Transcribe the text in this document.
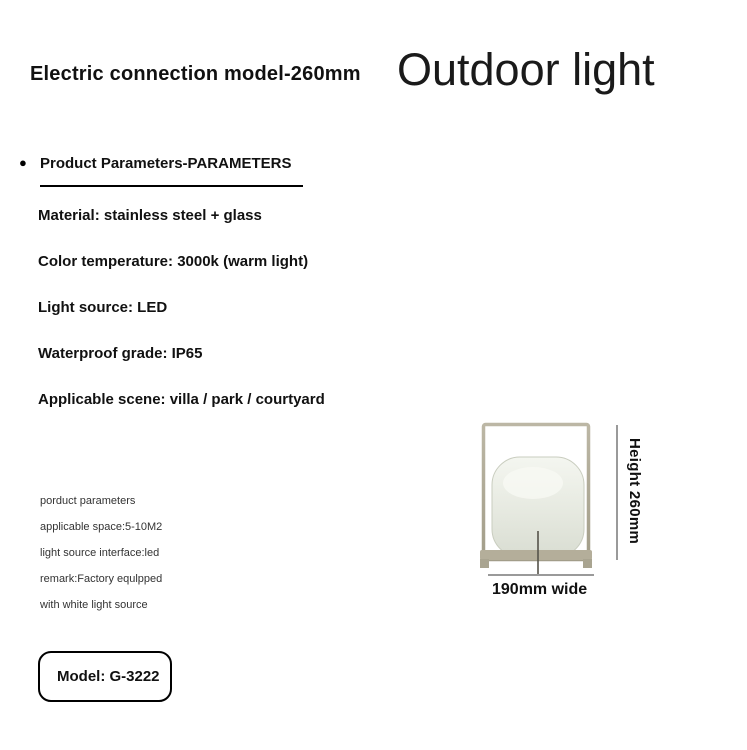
Electric connection model-260mm Outdoor light
● Product Parameters-PARAMETERS
Material: stainless steel + glass
Color temperature: 3000k (warm light)
Light source: LED
Waterproof grade: IP65
Applicable scene: villa / park / courtyard
porduct parameters
applicable space:5-10M2
light source interface:led
remark:Factory equlpped
with white light source
Height 260mm
190mm wide
Model: G-3222
